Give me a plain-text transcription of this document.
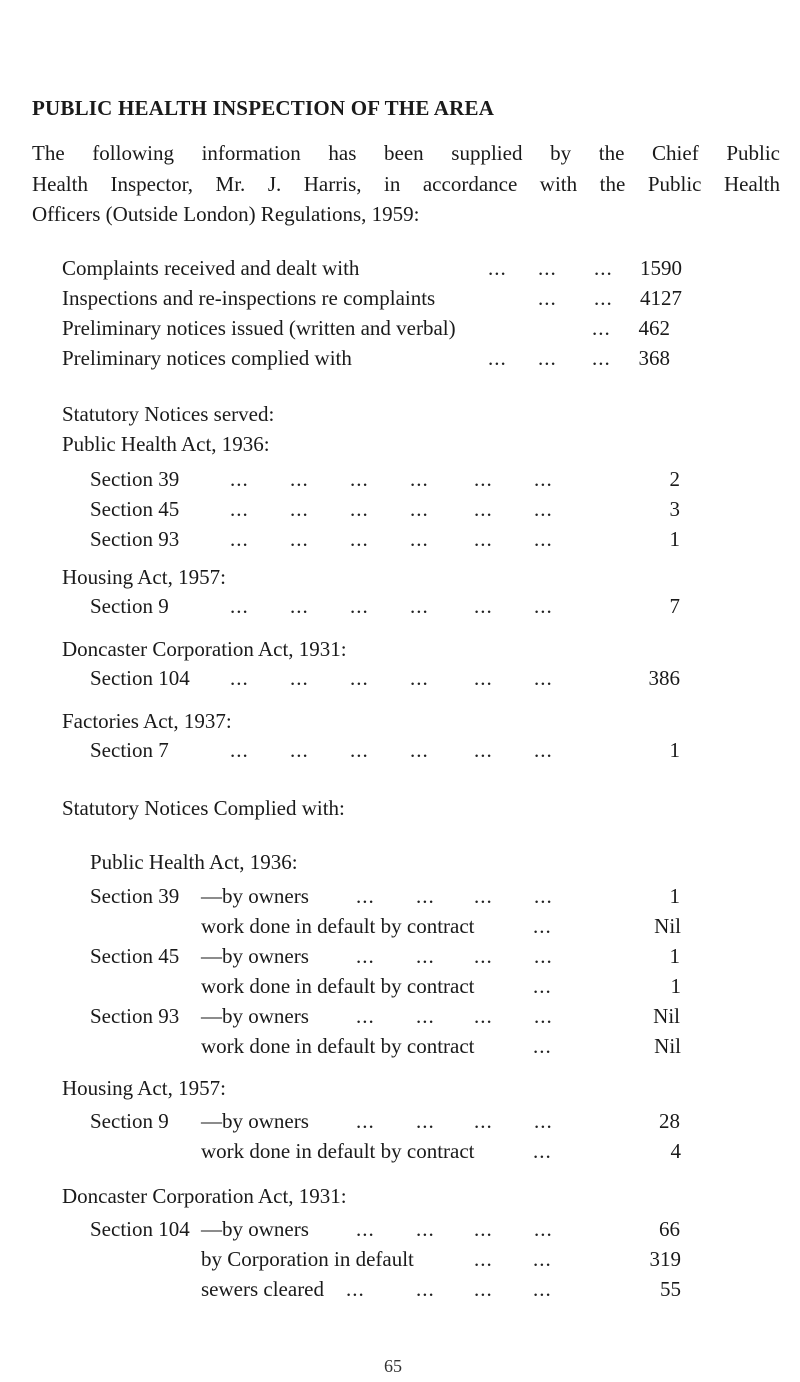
PUBLIC HEALTH INSPECTION OF THE AREA
The following information has been supplied by the Chief Public
Health Inspector, Mr. J. Harris, in accordance with the Public Health
Officers (Outside London) Regulations, 1959:
Complaints received and dealt with	... ... ... 1590
Inspections and re-inspections re complaints	... ... 4127
Preliminary notices issued (written and verbal)	... 462
Preliminary notices complied with	... ... ... 368
Statutory Notices served:
Public Health Act, 1936:
Section 39 ... ... ... ... ... ...	2
Section 45 ... ... ... ... ... ...	3
Section 93 ... ... ... ... ... ...	1
Housing Act, 1957:
Section 9	... ... ... ... ... ...	7
Doncaster Corporation Act, 1931:
Section 104 ... ... ... ... ... ...	386
Factories Act, 1937:
Section 7	... ... ... ... ... ...	1
Statutory Notices Complied with:
Public Health Act, 1936:
Section 39 —by owners ... ... ... ...	1
work done in default by contract	...	Nil
Section 45 —by owners ... ... ... ...	1
work done in default by contract	...	1
Section 93 —by owners ... ... ... ...	Nil
work done in default by contract	...	Nil
Housing Act, 1957:
Section 9 —by owners ... ... ... ...	28
work done in default by contract	...	4
Doncaster Corporation Act, 1931:
Section 104 —by owners ... ... ... ...	66
by Corporation in default	... ...	319
sewers cleared ... ... ... ...	55
65
